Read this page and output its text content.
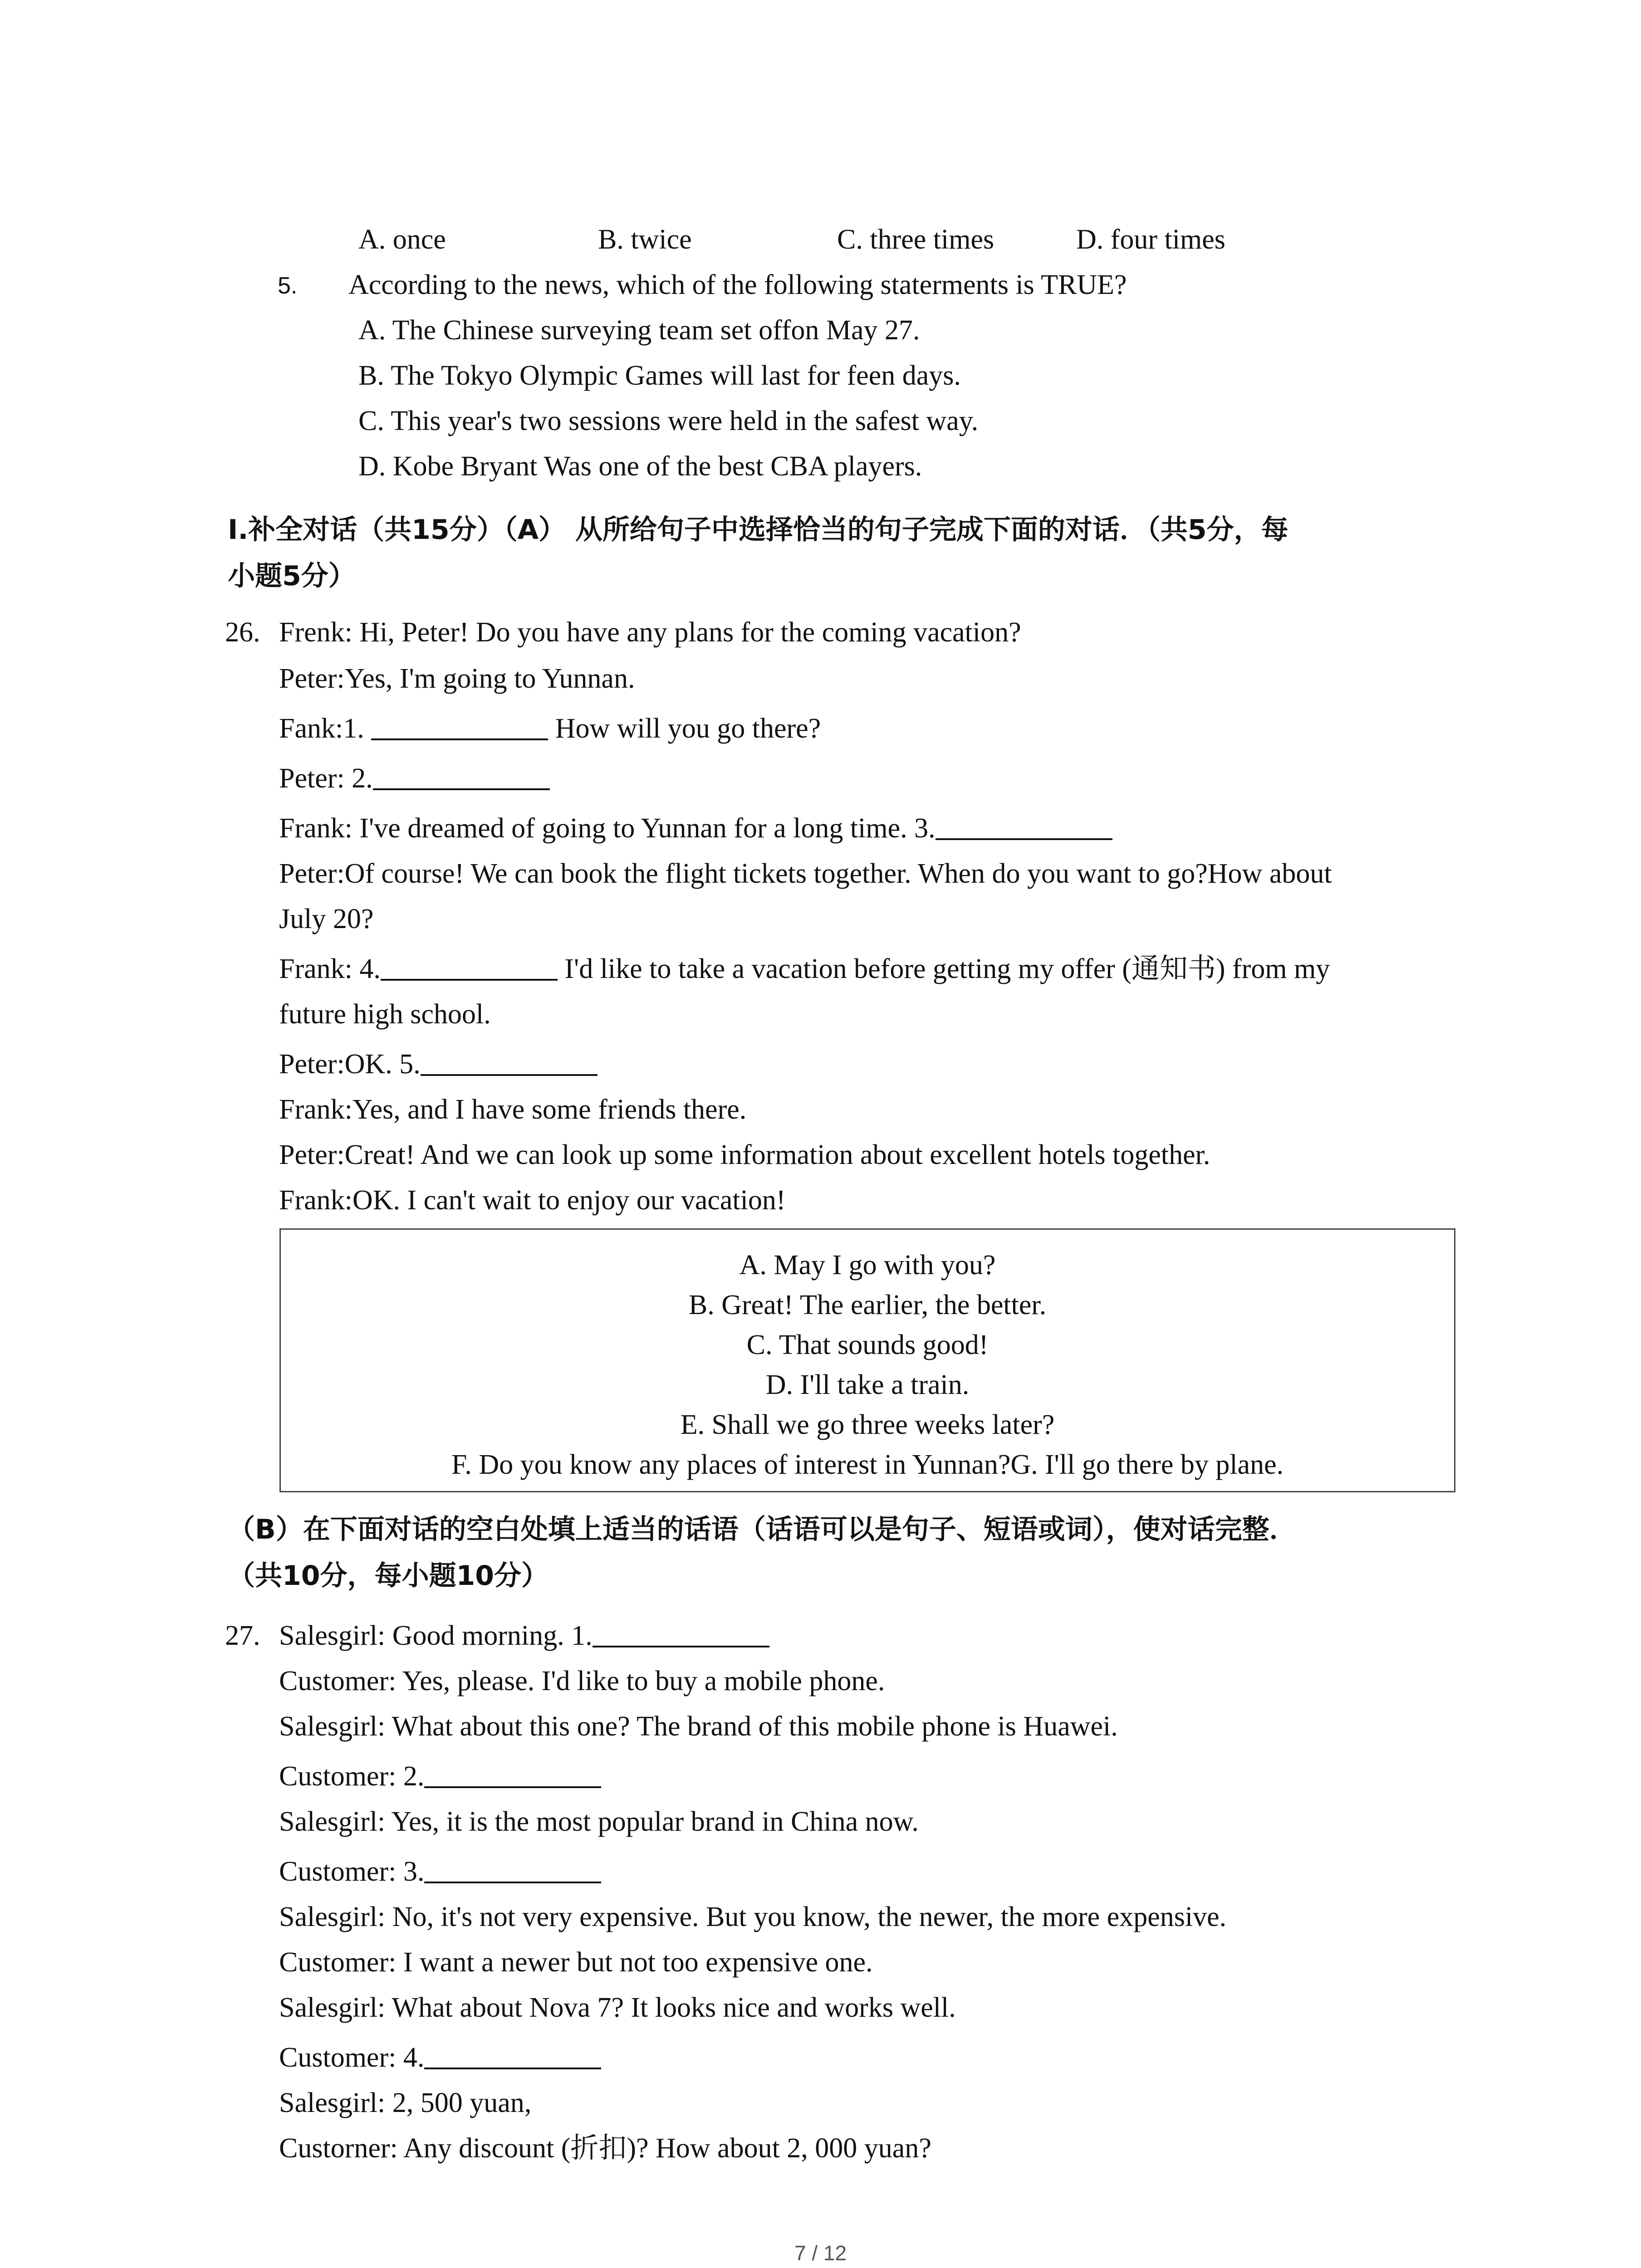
A. once	B. twice	C. three times	D. four times
5. According to the news, which of the following staterments is TRUE?
A. The Chinese surveying team set offon May 27.
B. The Tokyo Olympic Games will last for feen days.
C. This year's two sessions were held in the safest way.
D. Kobe Bryant Was one of the best CBA players.
I.补全对话（共15分）（A） 从所给句子中选择恰当的句子完成下面的对话．（共5分，每
小题5分）
26. Frenk: Hi, Peter! Do you have any plans for the coming vacation?
Peter:Yes, I'm going to Yunnan.
Fank:1.	How will you go there?
Peter: 2.
Frank: I've dreamed of going to Yunnan for a long time. 3.
Peter:Of course! We can book the flight tickets together. When do you want to go?How about
July 20?
Frank: 4.	I'd like to take a vacation before getting my offer (通知书) from my
future high school.
Peter:OK. 5.
Frank:Yes, and I have some friends there.
Peter:Creat! And we can look up some information about excellent hotels together.
Frank:OK. I can't wait to enjoy our vacation!
A. May I go with you?
B. Great! The earlier, the better.
C. That sounds good!
D. I'll take a train.
E. Shall we go three weeks later?
F. Do you know any places of interest in Yunnan?G. I'll go there by plane.
（B）在下面对话的空白处填上适当的话语（话语可以是句子、短语或词），使对话完整．
（共10分，每小题10分）
27. Salesgirl: Good morning. 1.
Customer: Yes, please. I'd like to buy a mobile phone.
Salesgirl: What about this one? The brand of this mobile phone is Huawei.
Customer: 2.
Salesgirl: Yes, it is the most popular brand in China now.
Customer: 3.
Salesgirl: No, it's not very expensive. But you know, the newer, the more expensive.
Customer: I want a newer but not too expensive one.
Salesgirl: What about Nova 7? It looks nice and works well.
Customer: 4.
Salesgirl: 2, 500 yuan,
Custorner: Any discount (折扣)? How about 2, 000 yuan?
7 / 12
